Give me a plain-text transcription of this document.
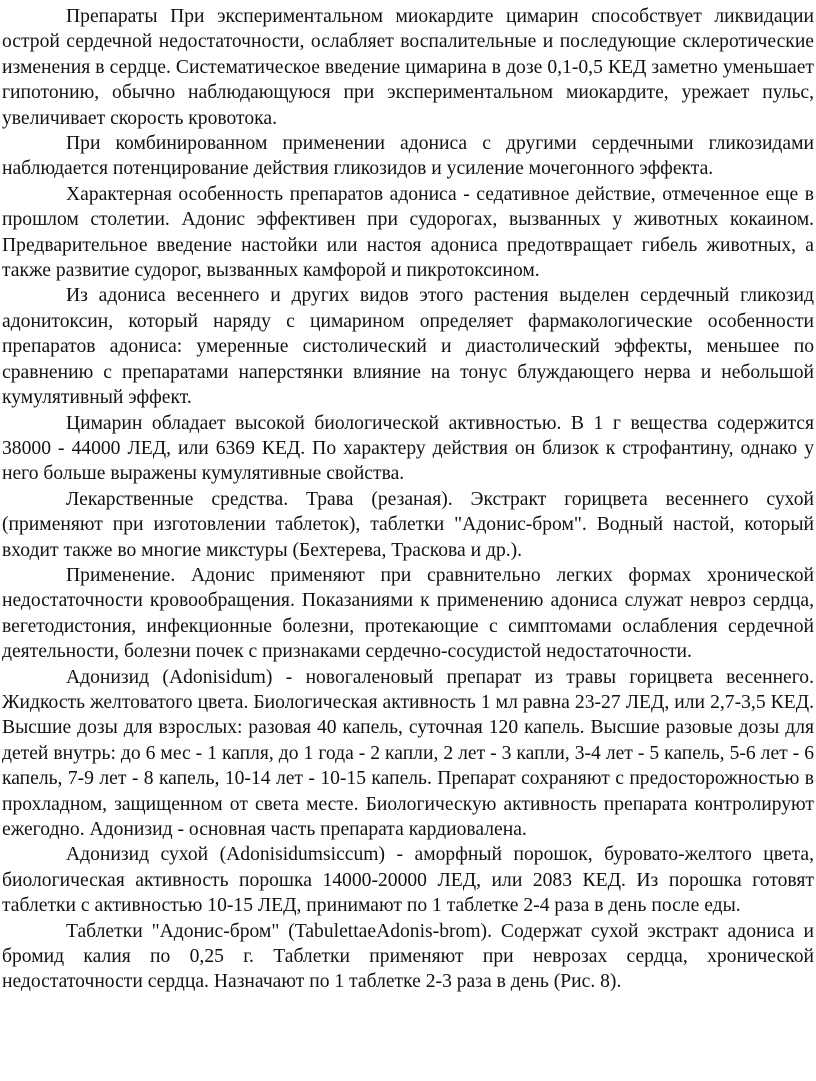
Препараты При экспериментальном миокардите цимарин способствует ликвидации острой сердечной недостаточности, ослабляет воспалительные и последующие склеротические изменения в сердце. Систематическое введение цимарина в дозе 0,1-0,5 КЕД заметно уменьшает гипотонию, обычно наблюдающуюся при экспериментальном миокардите, урежает пульс, увеличивает скорость кровотока.

При комбинированном применении адониса с другими сердечными гликозидами наблюдается потенцирование действия гликозидов и усиление мочегонного эффекта.

Характерная особенность препаратов адониса - седативное действие, отмеченное еще в прошлом столетии. Адонис эффективен при судорогах, вызванных у животных кокаином. Предварительное введение настойки или настоя адониса предотвращает гибель животных, а также развитие судорог, вызванных камфорой и пикротоксином.

Из адониса весеннего и других видов этого растения выделен сердечный гликозид адонитоксин, который наряду с цимарином определяет фармакологические особенности препаратов адониса: умеренные систолический и диастолический эффекты, меньшее по сравнению с препаратами наперстянки влияние на тонус блуждающего нерва и небольшой кумулятивный эффект.

Цимарин обладает высокой биологической активностью. В 1 г вещества содержится 38000 - 44000 ЛЕД, или 6369 КЕД. По характеру действия он близок к строфантину, однако у него больше выражены кумулятивные свойства.

Лекарственные средства. Трава (резаная). Экстракт горицвета весеннего сухой (применяют при изготовлении таблеток), таблетки "Адонис-бром". Водный настой, который входит также во многие микстуры (Бехтерева, Траскова и др.).

Применение. Адонис применяют при сравнительно легких формах хронической недостаточности кровообращения. Показаниями к применению адониса служат невроз сердца, вегетодистония, инфекционные болезни, протекающие с симптомами ослабления сердечной деятельности, болезни почек с признаками сердечно-сосудистой недостаточности.

Адонизид (Adonisidum) - новогаленовый препарат из травы горицвета весеннего. Жидкость желтоватого цвета. Биологическая активность 1 мл равна 23-27 ЛЕД, или 2,7-3,5 КЕД. Высшие дозы для взрослых: разовая 40 капель, суточная 120 капель. Высшие разовые дозы для детей внутрь: до 6 мес - 1 капля, до 1 года - 2 капли, 2 лет - 3 капли, 3-4 лет - 5 капель, 5-6 лет - 6 капель, 7-9 лет - 8 капель, 10-14 лет - 10-15 капель. Препарат сохраняют с предосторожностью в прохладном, защищенном от света месте. Биологическую активность препарата контролируют ежегодно. Адонизид - основная часть препарата кардиовалена.

Адонизид сухой (Adonisidumsiccum) - аморфный порошок, буровато-желтого цвета, биологическая активность порошка 14000-20000 ЛЕД, или 2083 КЕД. Из порошка готовят таблетки с активностью 10-15 ЛЕД, принимают по 1 таблетке 2-4 раза в день после еды.

Таблетки "Адонис-бром" (TabulettaeAdonis-brom). Содержат сухой экстракт адониса и бромид калия по 0,25 г. Таблетки применяют при неврозах сердца, хронической недостаточности сердца. Назначают по 1 таблетке 2-3 раза в день (Рис. 8).
